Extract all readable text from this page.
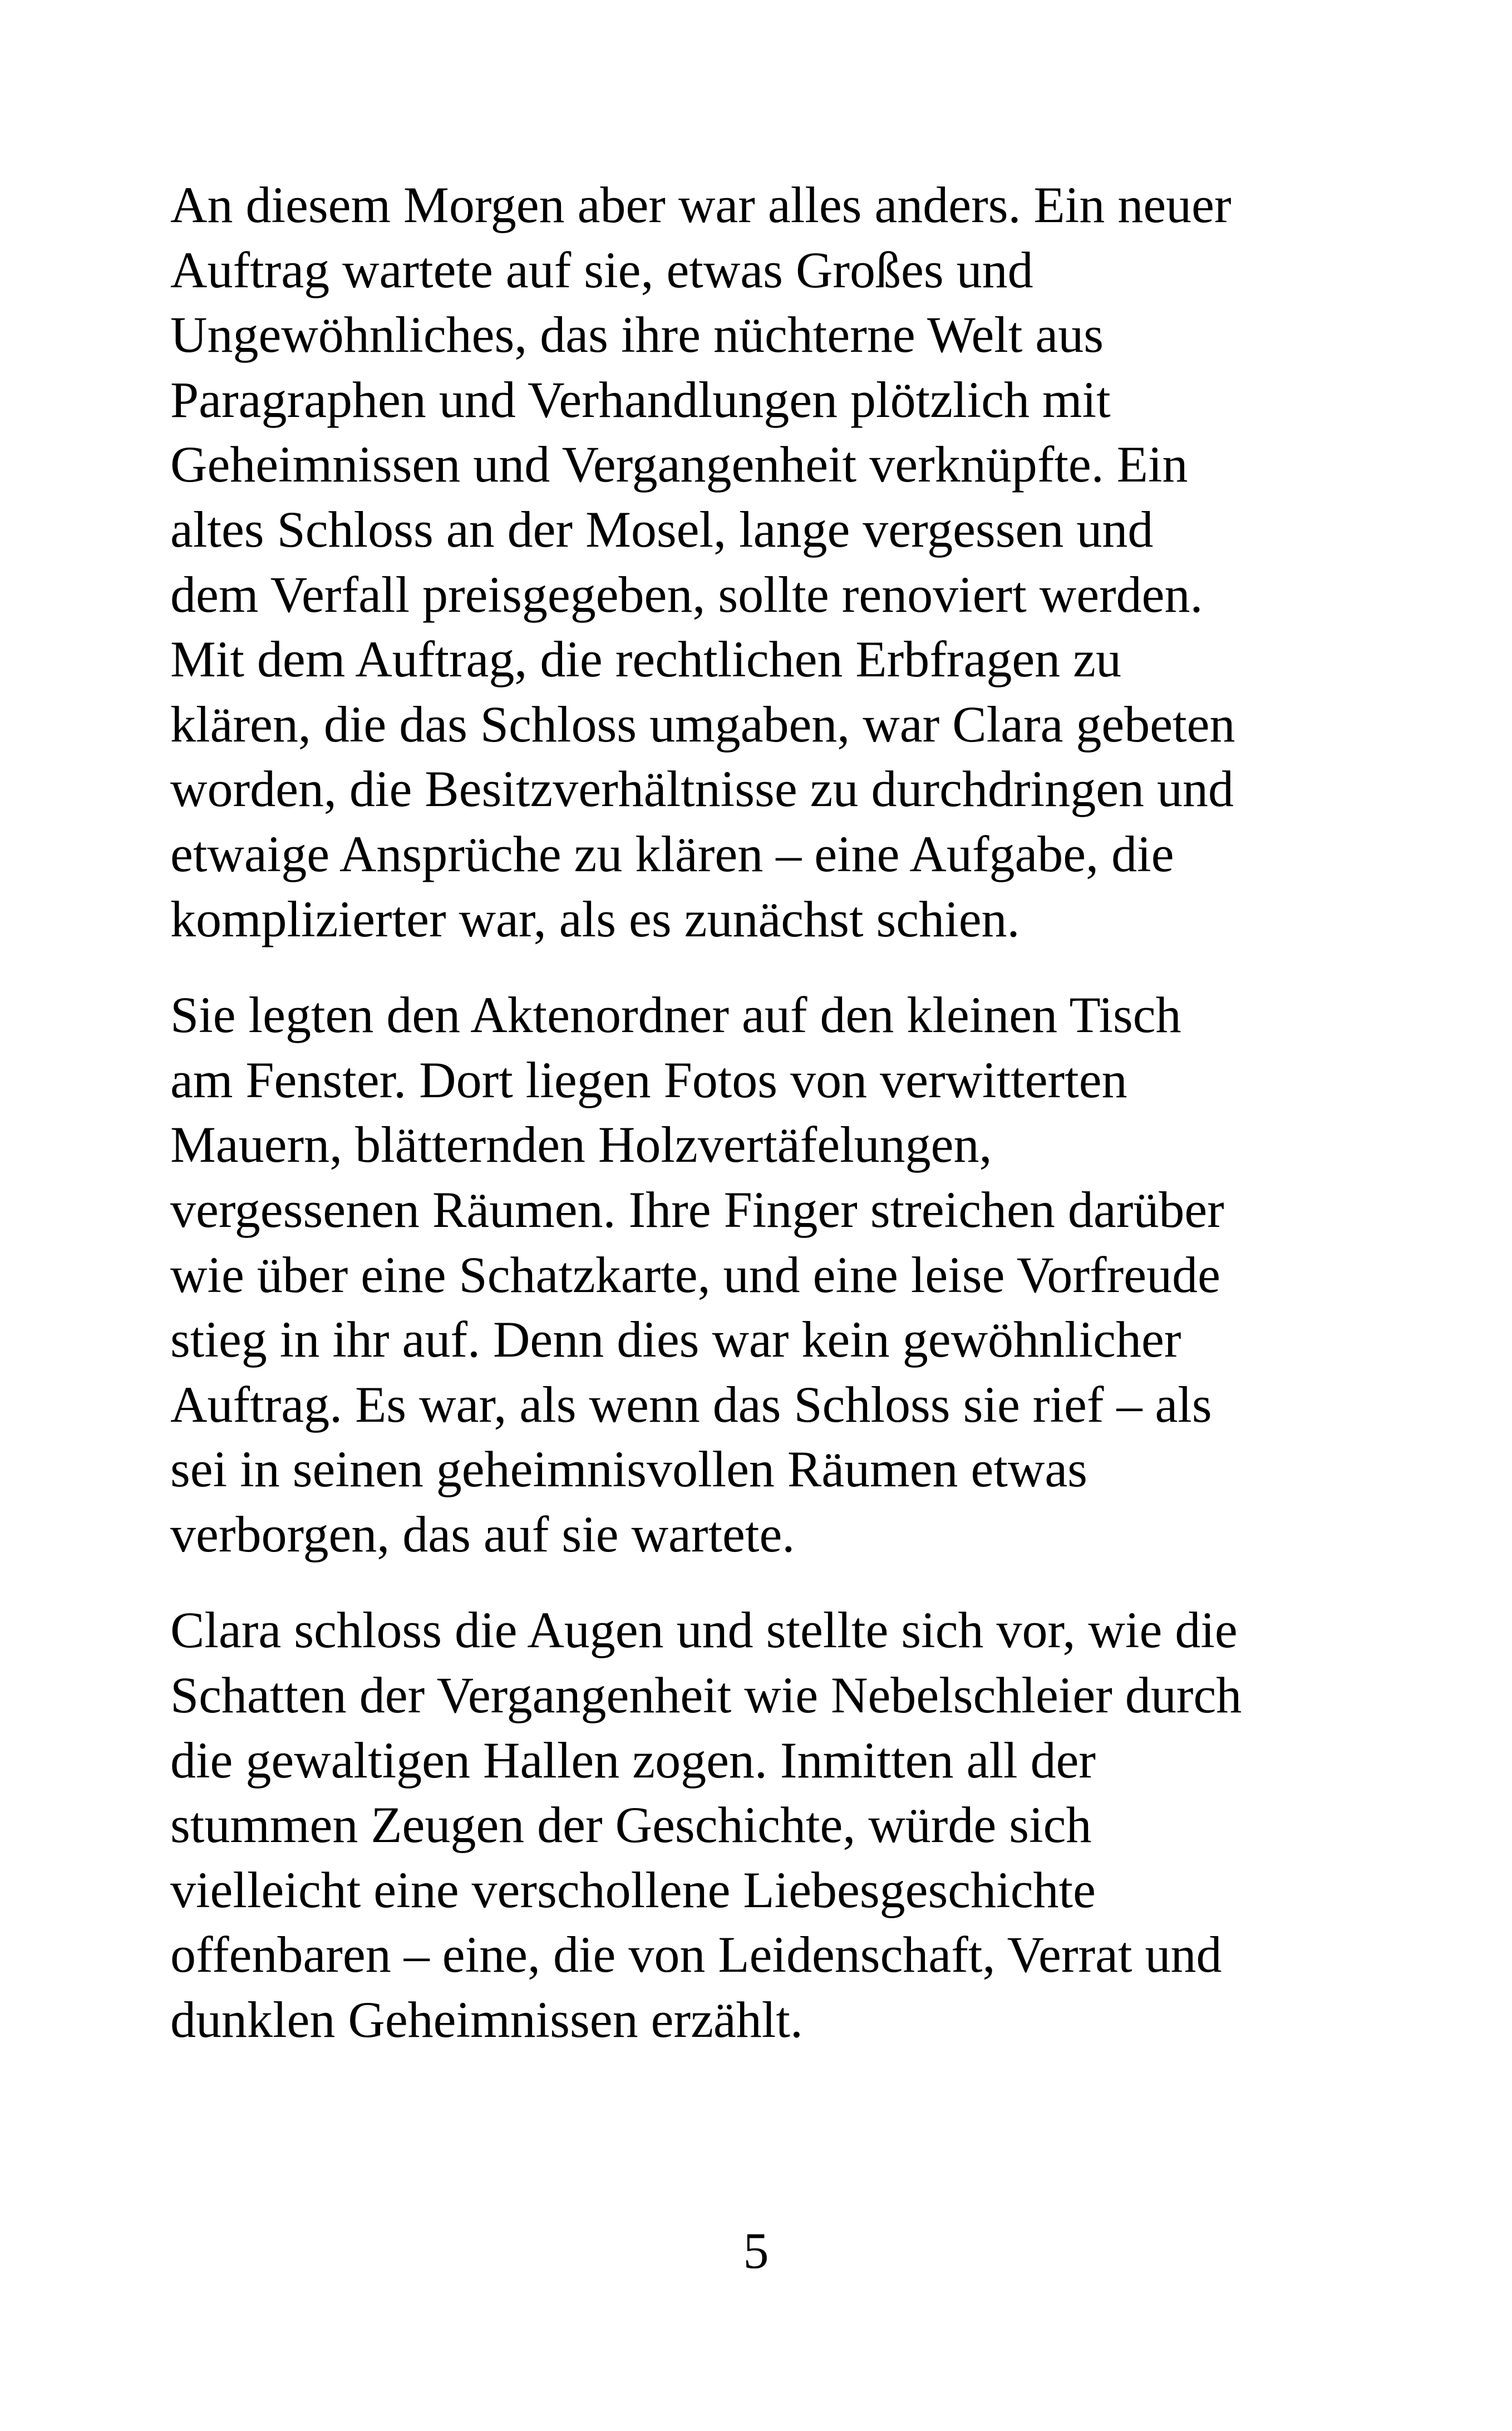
An diesem Morgen aber war alles anders. Ein neuer
Auftrag wartete auf sie, etwas Großes und
Ungewöhnliches, das ihre nüchterne Welt aus
Paragraphen und Verhandlungen plötzlich mit
Geheimnissen und Vergangenheit verknüpfte. Ein
altes Schloss an der Mosel, lange vergessen und
dem Verfall preisgegeben, sollte renoviert werden.
Mit dem Auftrag, die rechtlichen Erbfragen zu
klären, die das Schloss umgaben, war Clara gebeten
worden, die Besitzverhältnisse zu durchdringen und
etwaige Ansprüche zu klären – eine Aufgabe, die
komplizierter war, als es zunächst schien.

Sie legten den Aktenordner auf den kleinen Tisch
am Fenster. Dort liegen Fotos von verwitterten
Mauern, blätternden Holzvertäfelungen,
vergessenen Räumen. Ihre Finger streichen darüber
wie über eine Schatzkarte, und eine leise Vorfreude
stieg in ihr auf. Denn dies war kein gewöhnlicher
Auftrag. Es war, als wenn das Schloss sie rief – als
sei in seinen geheimnisvollen Räumen etwas
verborgen, das auf sie wartete.

Clara schloss die Augen und stellte sich vor, wie die
Schatten der Vergangenheit wie Nebelschleier durch
die gewaltigen Hallen zogen. Inmitten all der
stummen Zeugen der Geschichte, würde sich
vielleicht eine verschollene Liebesgeschichte
offenbaren – eine, die von Leidenschaft, Verrat und
dunklen Geheimnissen erzählt.

5
